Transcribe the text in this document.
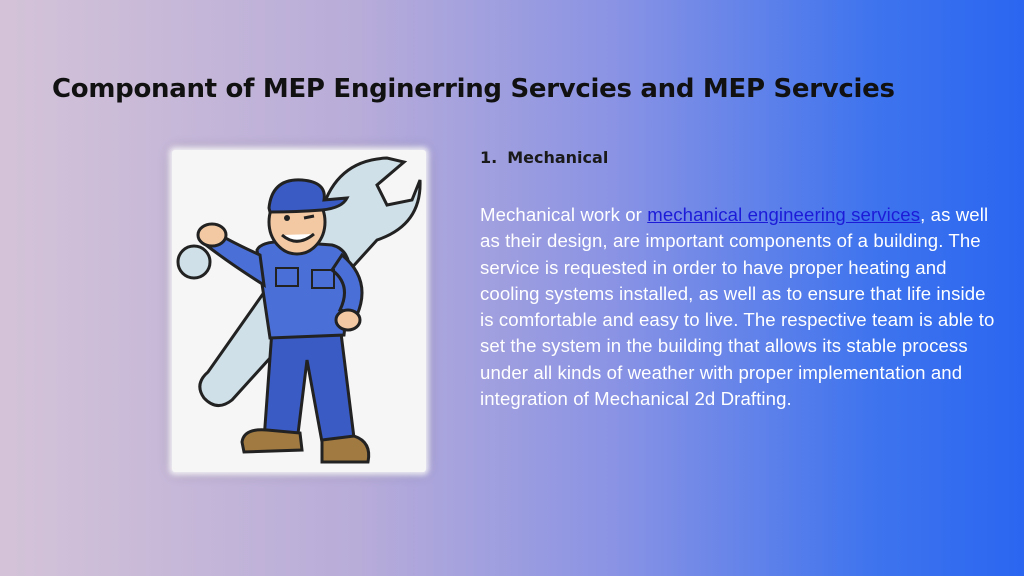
Componant of MEP Enginerring Servcies and MEP Servcies
1. Mechanical
Mechanical work or mechanical engineering services, as well as their design, are important components of a building. The service is requested in order to have proper heating and cooling systems installed, as well as to ensure that life inside is comfortable and easy to live. The respective team is able to set the system in the building that allows its stable process under all kinds of weather with proper implementation and integration of Mechanical 2d Drafting.
